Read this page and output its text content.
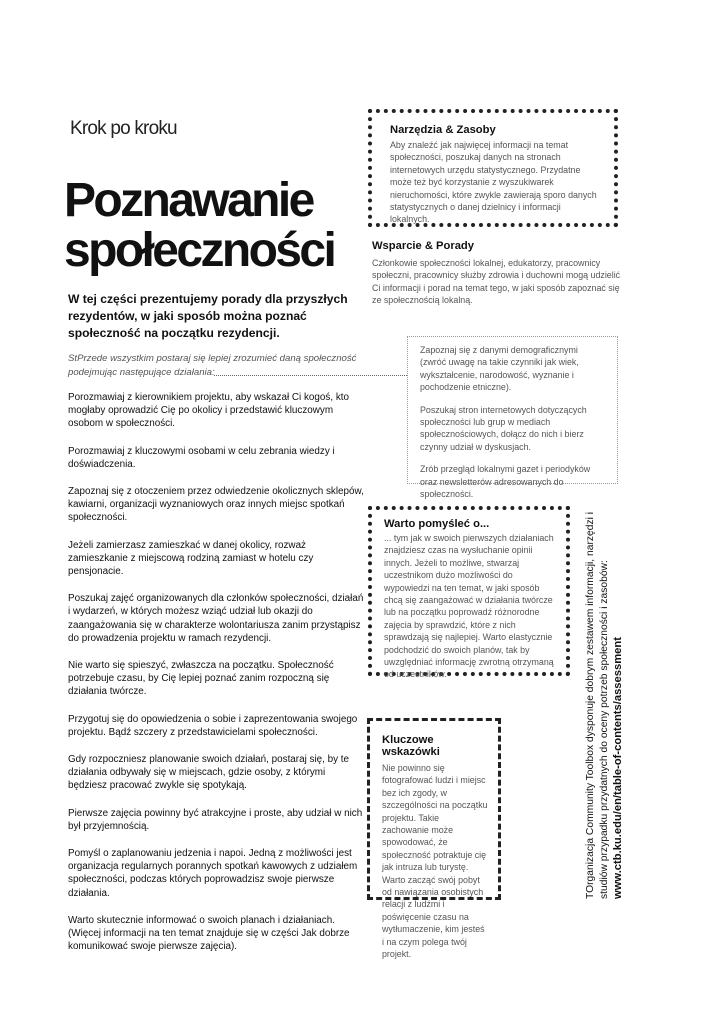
Krok po kroku
Poznawanie społeczności
W tej części prezentujemy porady dla przyszłych rezydentów, w jaki sposób można poznać społeczność na początku rezydencji.
StPrzede wszystkim postaraj się lepiej zrozumieć daną społeczność podejmując następujące działania:

Porozmawiaj z kierownikiem projektu, aby wskazał Ci kogoś, kto mogłaby oprowadzić Cię po okolicy i przedstawić kluczowym osobom w społeczności.

Porozmawiaj z kluczowymi osobami w celu zebrania wiedzy i doświadczenia.

Zapoznaj się z otoczeniem przez odwiedzenie okolicznych sklepów, kawiarni, organizacji wyznaniowych oraz innych miejsc spotkań społeczności.

Jeżeli zamierzasz zamieszkać w danej okolicy, rozważ zamieszkanie z miejscową rodziną zamiast w hotelu czy pensjonacie.

Poszukaj zajęć organizowanych dla członków społeczności, działań i wydarzeń, w których możesz wziąć udział lub okazji do zaangażowania się w charakterze wolontariusza zanim przystąpisz do prowadzenia projektu w ramach rezydencji.

Nie warto się spieszyć, zwłaszcza na początku. Społeczność potrzebuje czasu, by Cię lepiej poznać zanim rozpoczną się działania twórcze.

Przygotuj się do opowiedzenia o sobie i zaprezentowania swojego projektu. Bądź szczery z przedstawicielami społeczności.

Gdy rozpoczniesz planowanie swoich działań, postaraj się, by te działania odbywały się w miejscach, gdzie osoby, z którymi będziesz pracować zwykle się spotykają.

Pierwsze zajęcia powinny być atrakcyjne i proste, aby udział w nich był przyjemnością.

Pomyśl o zaplanowaniu jedzenia i napoi. Jedną z możliwości jest organizacja regularnych porannych spotkań kawowych z udziałem społeczności, podczas których poprowadzisz swoje pierwsze działania.

Warto skutecznie informować o swoich planach i działaniach. (Więcej informacji na ten temat znajduje się w części Jak dobrze komunikować swoje pierwsze zajęcia).

Narzędzia & Zasoby
Aby znaleźć jak najwięcej informacji na temat społeczności, poszukaj danych na stronach internetowych urzędu statystycznego. Przydatne może też być korzystanie z wyszukiwarek nieruchomości, które zwykle zawierają sporo danych statystycznych o danej dzielnicy i informacji lokalnych.
Wsparcie & Porady
Członkowie społeczności lokalnej, edukatorzy, pracownicy społeczni, pracownicy służby zdrowia i duchowni mogą udzielić Ci informacji i porad na temat tego, w jaki sposób zapoznać się ze społecznością lokalną.

Zapoznaj się z danymi demograficznymi (zwróć uwagę na takie czynniki jak wiek, wykształcenie, narodowość, wyznanie i pochodzenie etniczne).

Poszukaj stron internetowych dotyczących społeczności lub grup w mediach społecznościowych, dołącz do nich i bierz czynny udział w dyskusjach.

Zrób przegląd lokalnymi gazet i periodyków oraz newsletterów adresowanych do społeczności.

Warto pomyśleć o...
... tym jak w swoich pierwszych działaniach znajdziesz czas na wysłuchanie opinii innych. Jeżeli to możliwe, stwarzaj uczestnikom dużo możliwości do wypowiedzi na ten temat, w jaki sposób chcą się zaangażować w działania twórcze lub na początku poprowadź różnorodne zajęcia by sprawdzić, które z nich sprawdzają się najlepiej. Warto elastycznie podchodzić do swoich planów, tak by uwzględniać informację zwrotną otrzymaną od uczestników.
Kluczowe wskazówki
Nie powinno się fotografować ludzi i miejsc bez ich zgody, w szczególności na początku projektu. Takie zachowanie może spowodować, że społeczność potraktuje cię jak intruza lub turystę. Warto zacząć swój pobyt od nawiązania osobistych relacji z ludźmi i poświęcenie czasu na wytłumaczenie, kim jesteś i na czym polega twój projekt.
TOrganizacja Community Toolbox dysponuje dobrym zestawem informacji, narzędzi i studiów przypadku przydatnych do oceny potrzeb społeczności i zasobów: www.ctb.ku.edu/en/table-of-contents/assessment
